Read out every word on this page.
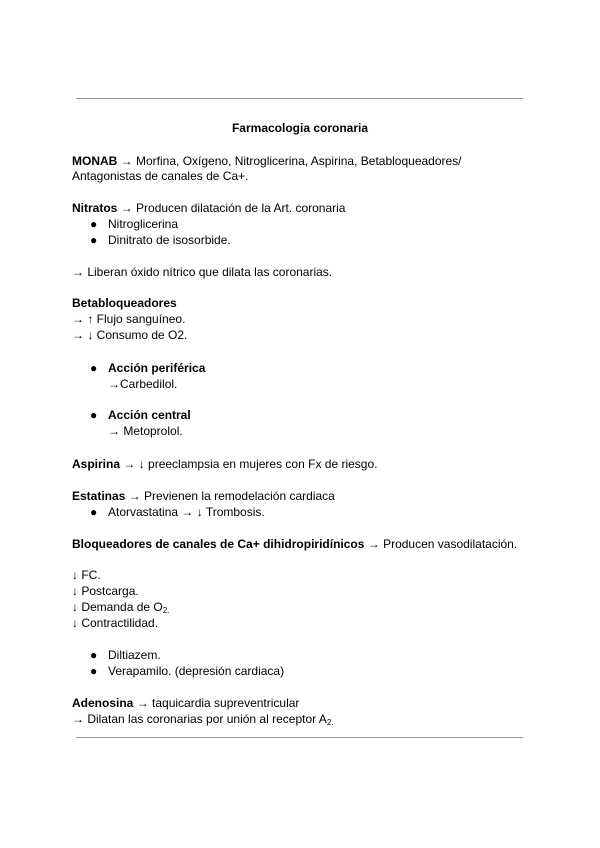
Farmacologia coronaria
MONAB → Morfina, Oxígeno, Nitroglicerina, Aspirina, Betabloqueadores/
Antagonistas de canales de Ca+.
Nitratos → Producen dilatación de la Art. coronaria
● Nitroglicerina
● Dinitrato de isosorbide.
→ Liberan óxido nítrico que dilata las coronarias.
Betabloqueadores
→ ↑ Flujo sanguíneo.
→ ↓ Consumo de O2.
● Acción periférica
→Carbedilol.
● Acción central
→ Metoprolol.
Aspirina → ↓ preeclampsia en mujeres con Fx de riesgo.
Estatinas → Previenen la remodelación cardiaca
● Atorvastatina → ↓ Trombosis.
Bloqueadores de canales de Ca+ dihidropiridínicos → Producen vasodilatación.
↓ FC.
↓ Postcarga.
↓ Demanda de $O_{2.}$
↓ Contractilidad.
● Diltiazem.
● Verapamilo. (depresión cardiaca)
Adenosina → taquicardia supreventricular
→ Dilatan las coronarias por unión al receptor $A_{2.}$
